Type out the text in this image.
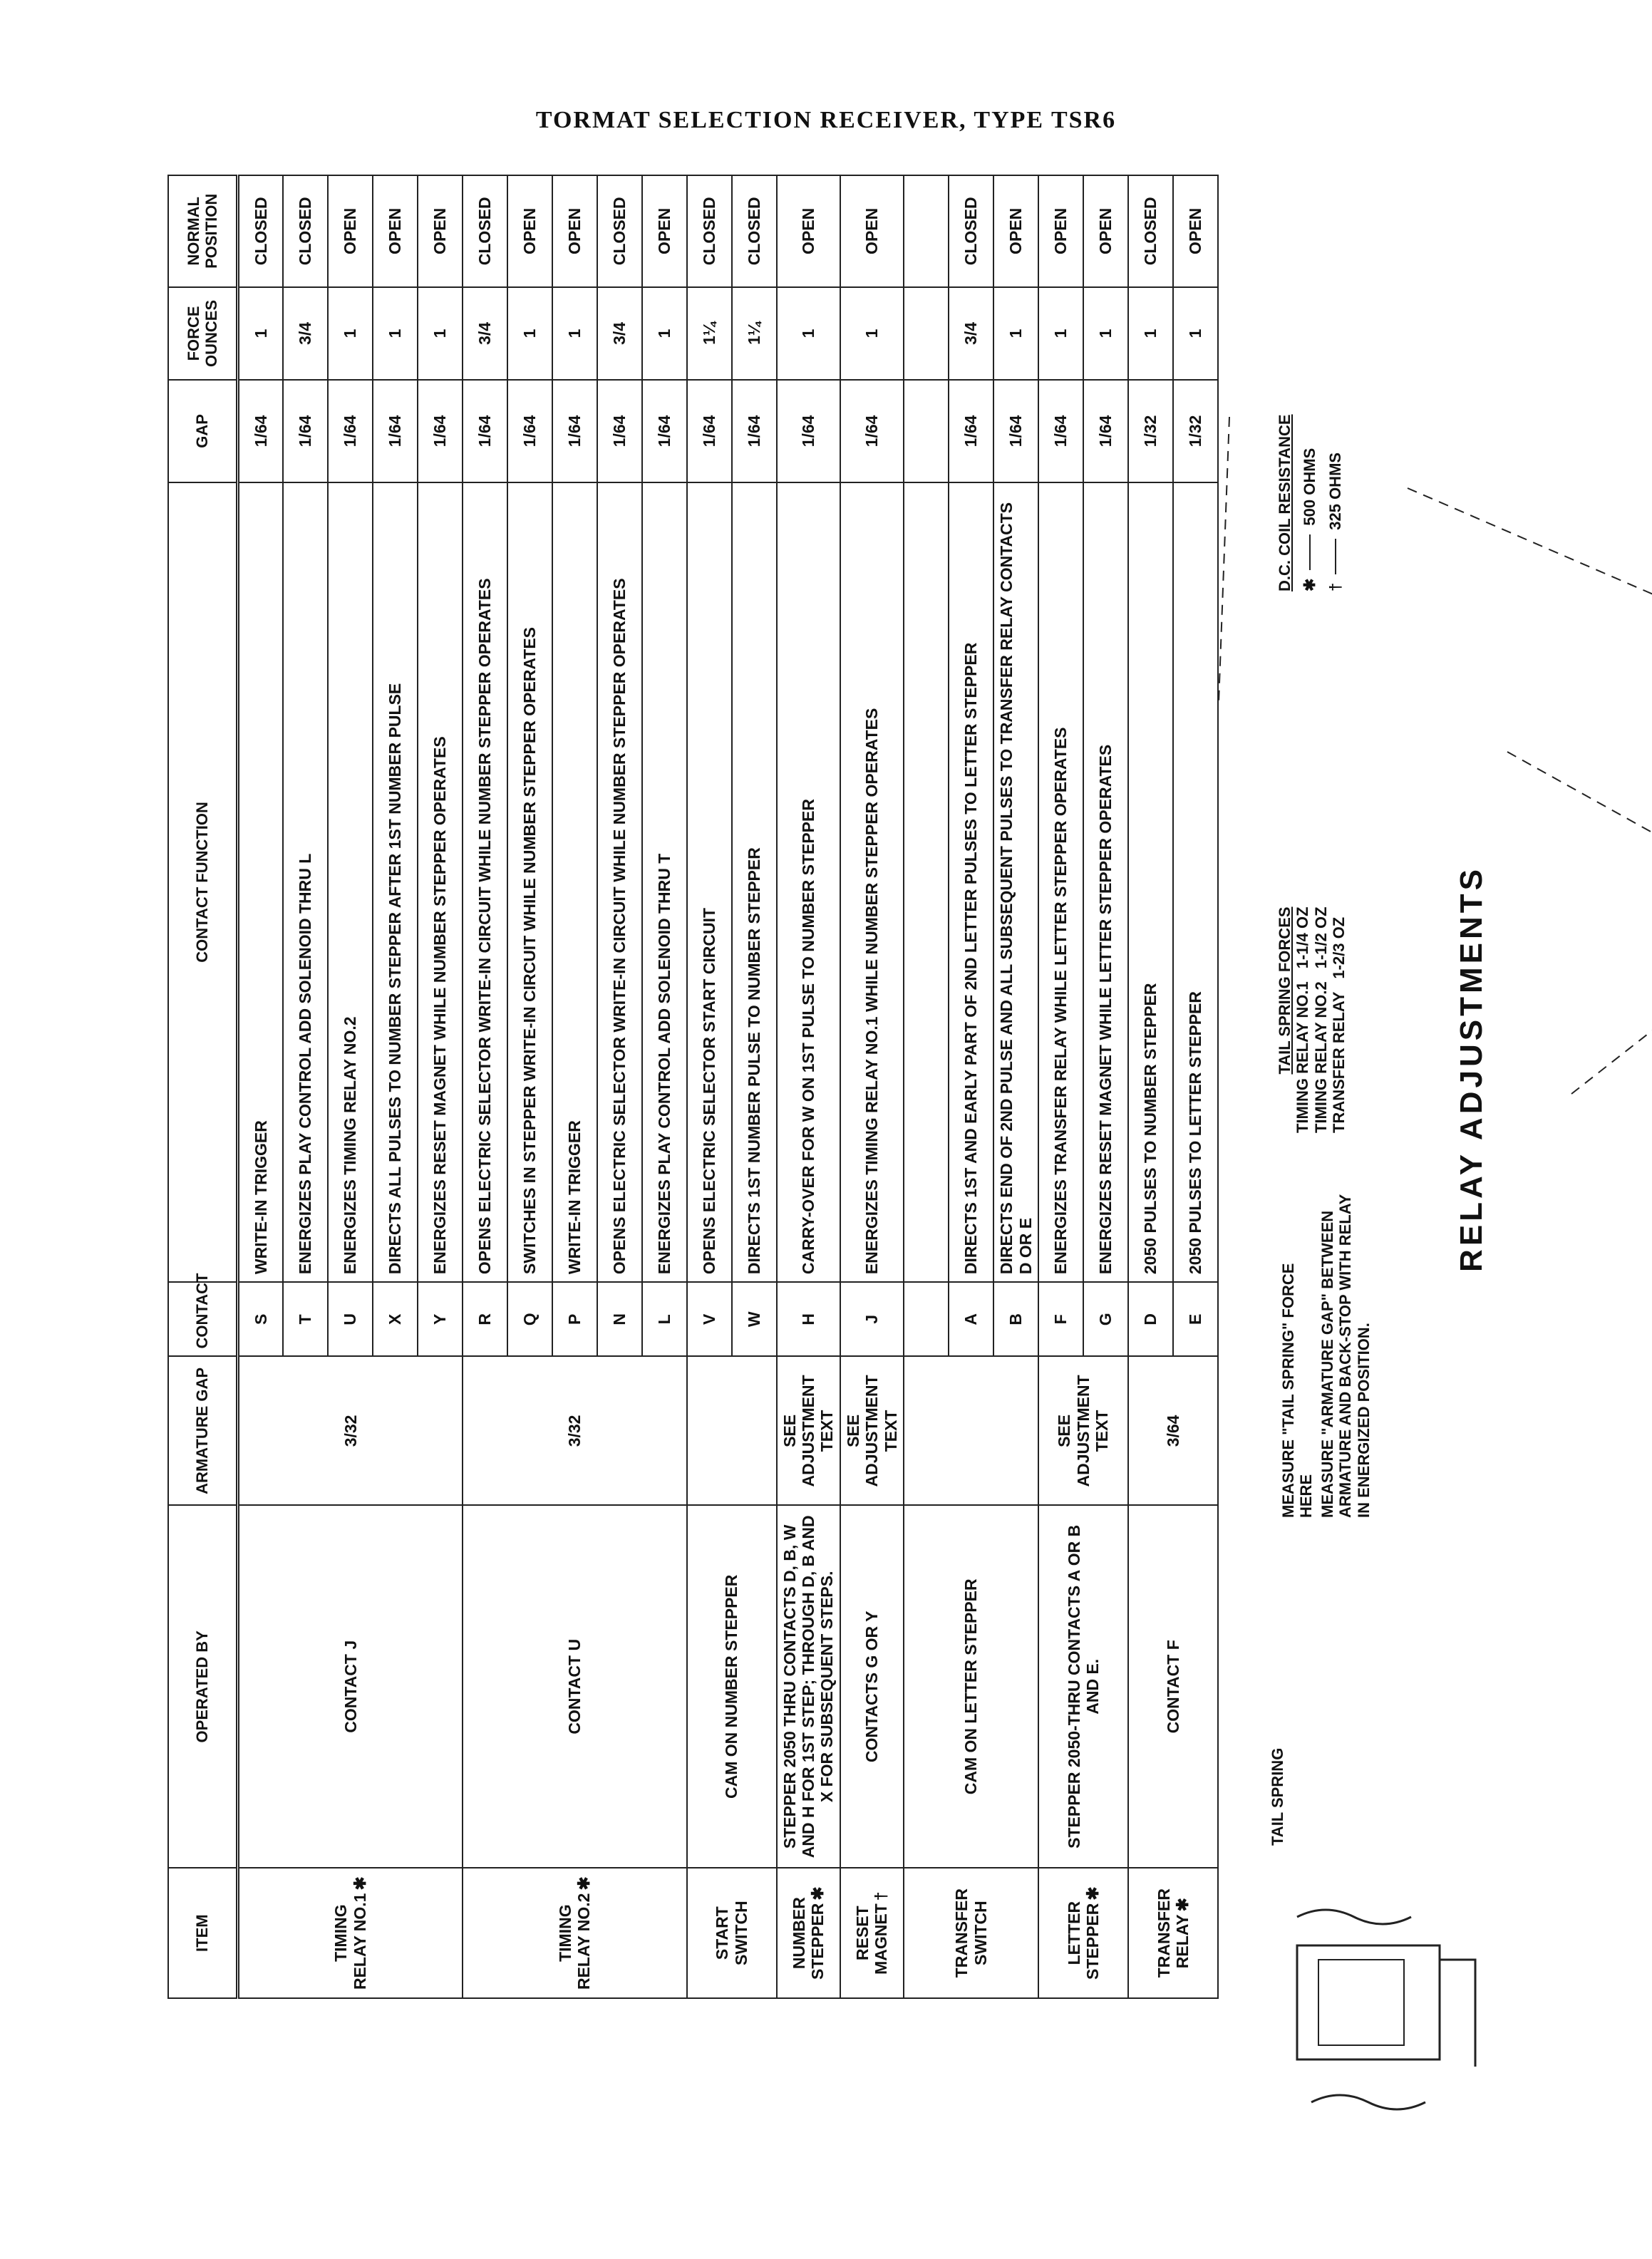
TORMAT SELECTION RECEIVER, TYPE TSR6
ITEM	OPERATED BY	ARMATURE GAP	CONTACT	CONTACT FUNCTION	GAP	FORCE OUNCES	NORMAL POSITION
TIMING RELAY NO.1✱	CONTACT J	3/32	S	WRITE-IN TRIGGER	1/64	1	CLOSED
			T	ENERGIZES PLAY CONTROL ADD SOLENOID THRU L	1/64	3/4	CLOSED
			U	ENERGIZES TIMING RELAY NO.2	1/64	1	OPEN
			X	DIRECTS ALL PULSES TO NUMBER STEPPER AFTER 1ST NUMBER PULSE	1/64	1	OPEN
			Y	ENERGIZES RESET MAGNET WHILE NUMBER STEPPER OPERATES	1/64	1	OPEN
TIMING RELAY NO.2✱	CONTACT U	3/32	R	OPENS ELECTRIC SELECTOR WRITE-IN CIRCUIT WHILE NUMBER STEPPER OPERATES	1/64	3/4	CLOSED
			Q	SWITCHES IN STEPPER WRITE-IN CIRCUIT WHILE NUMBER STEPPER OPERATES	1/64	1	OPEN
			P	WRITE-IN TRIGGER	1/64	1	OPEN
			N	OPENS ELECTRIC SELECTOR WRITE-IN CIRCUIT WHILE NUMBER STEPPER OPERATES	1/64	3/4	CLOSED
			L	ENERGIZES PLAY CONTROL ADD SOLENOID THRU T	1/64	1	OPEN
START SWITCH	CAM ON NUMBER STEPPER		V	OPENS ELECTRIC SELECTOR START CIRCUIT	1/64	1¼	CLOSED
			W	DIRECTS 1ST NUMBER PULSE TO NUMBER STEPPER	1/64	1¼	CLOSED
NUMBER STEPPER✱	STEPPER 2050 THRU CONTACTS D, B, W AND H FOR 1ST STEP; THROUGH D, B AND X FOR SUBSEQUENT STEPS.	SEE ADJUSTMENT TEXT	H	CARRY-OVER FOR W ON 1ST PULSE TO NUMBER STEPPER	1/64	1	OPEN
RESET MAGNET†	CONTACTS G OR Y	SEE ADJUSTMENT TEXT	J	ENERGIZES TIMING RELAY NO.1 WHILE NUMBER STEPPER OPERATES	1/64	1	OPEN
TRANSFER SWITCH	CAM ON LETTER STEPPER						
			A	DIRECTS 1ST AND EARLY PART OF 2ND LETTER PULSES TO LETTER STEPPER	1/64	3/4	CLOSED
			B	DIRECTS END OF 2ND PULSE AND ALL SUBSEQUENT PULSES TO TRANSFER RELAY CONTACTS D OR E	1/64	1	OPEN
LETTER STEPPER✱	STEPPER 2050-THRU CONTACTS A OR B AND E.	SEE ADJUSTMENT TEXT	F	ENERGIZES TRANSFER RELAY WHILE LETTER STEPPER OPERATES	1/64	1	OPEN
			G	ENERGIZES RESET MAGNET WHILE LETTER STEPPER OPERATES	1/64	1	OPEN
TRANSFER RELAY✱	CONTACT F	3/64	D	2050 PULSES TO NUMBER STEPPER	1/32	1	CLOSED
			E	2050 PULSES TO LETTER STEPPER	1/32	1	OPEN
TAIL SPRING
MEASURE "TAIL SPRING" FORCE HERE MEASURE "ARMATURE GAP" BETWEEN ARMATURE AND BACK-STOP WITH RELAY IN ENERGIZED POSITION.
TAIL SPRING FORCES TIMING RELAY NO.11-1/4 OZ
TIMING RELAY NO.21-1/2 OZ
TRANSFER RELAY1-2/3 OZ
D.C. COIL RESISTANCE ✱500 OHMS
†325 OHMS
RELAY ADJUSTMENTS
